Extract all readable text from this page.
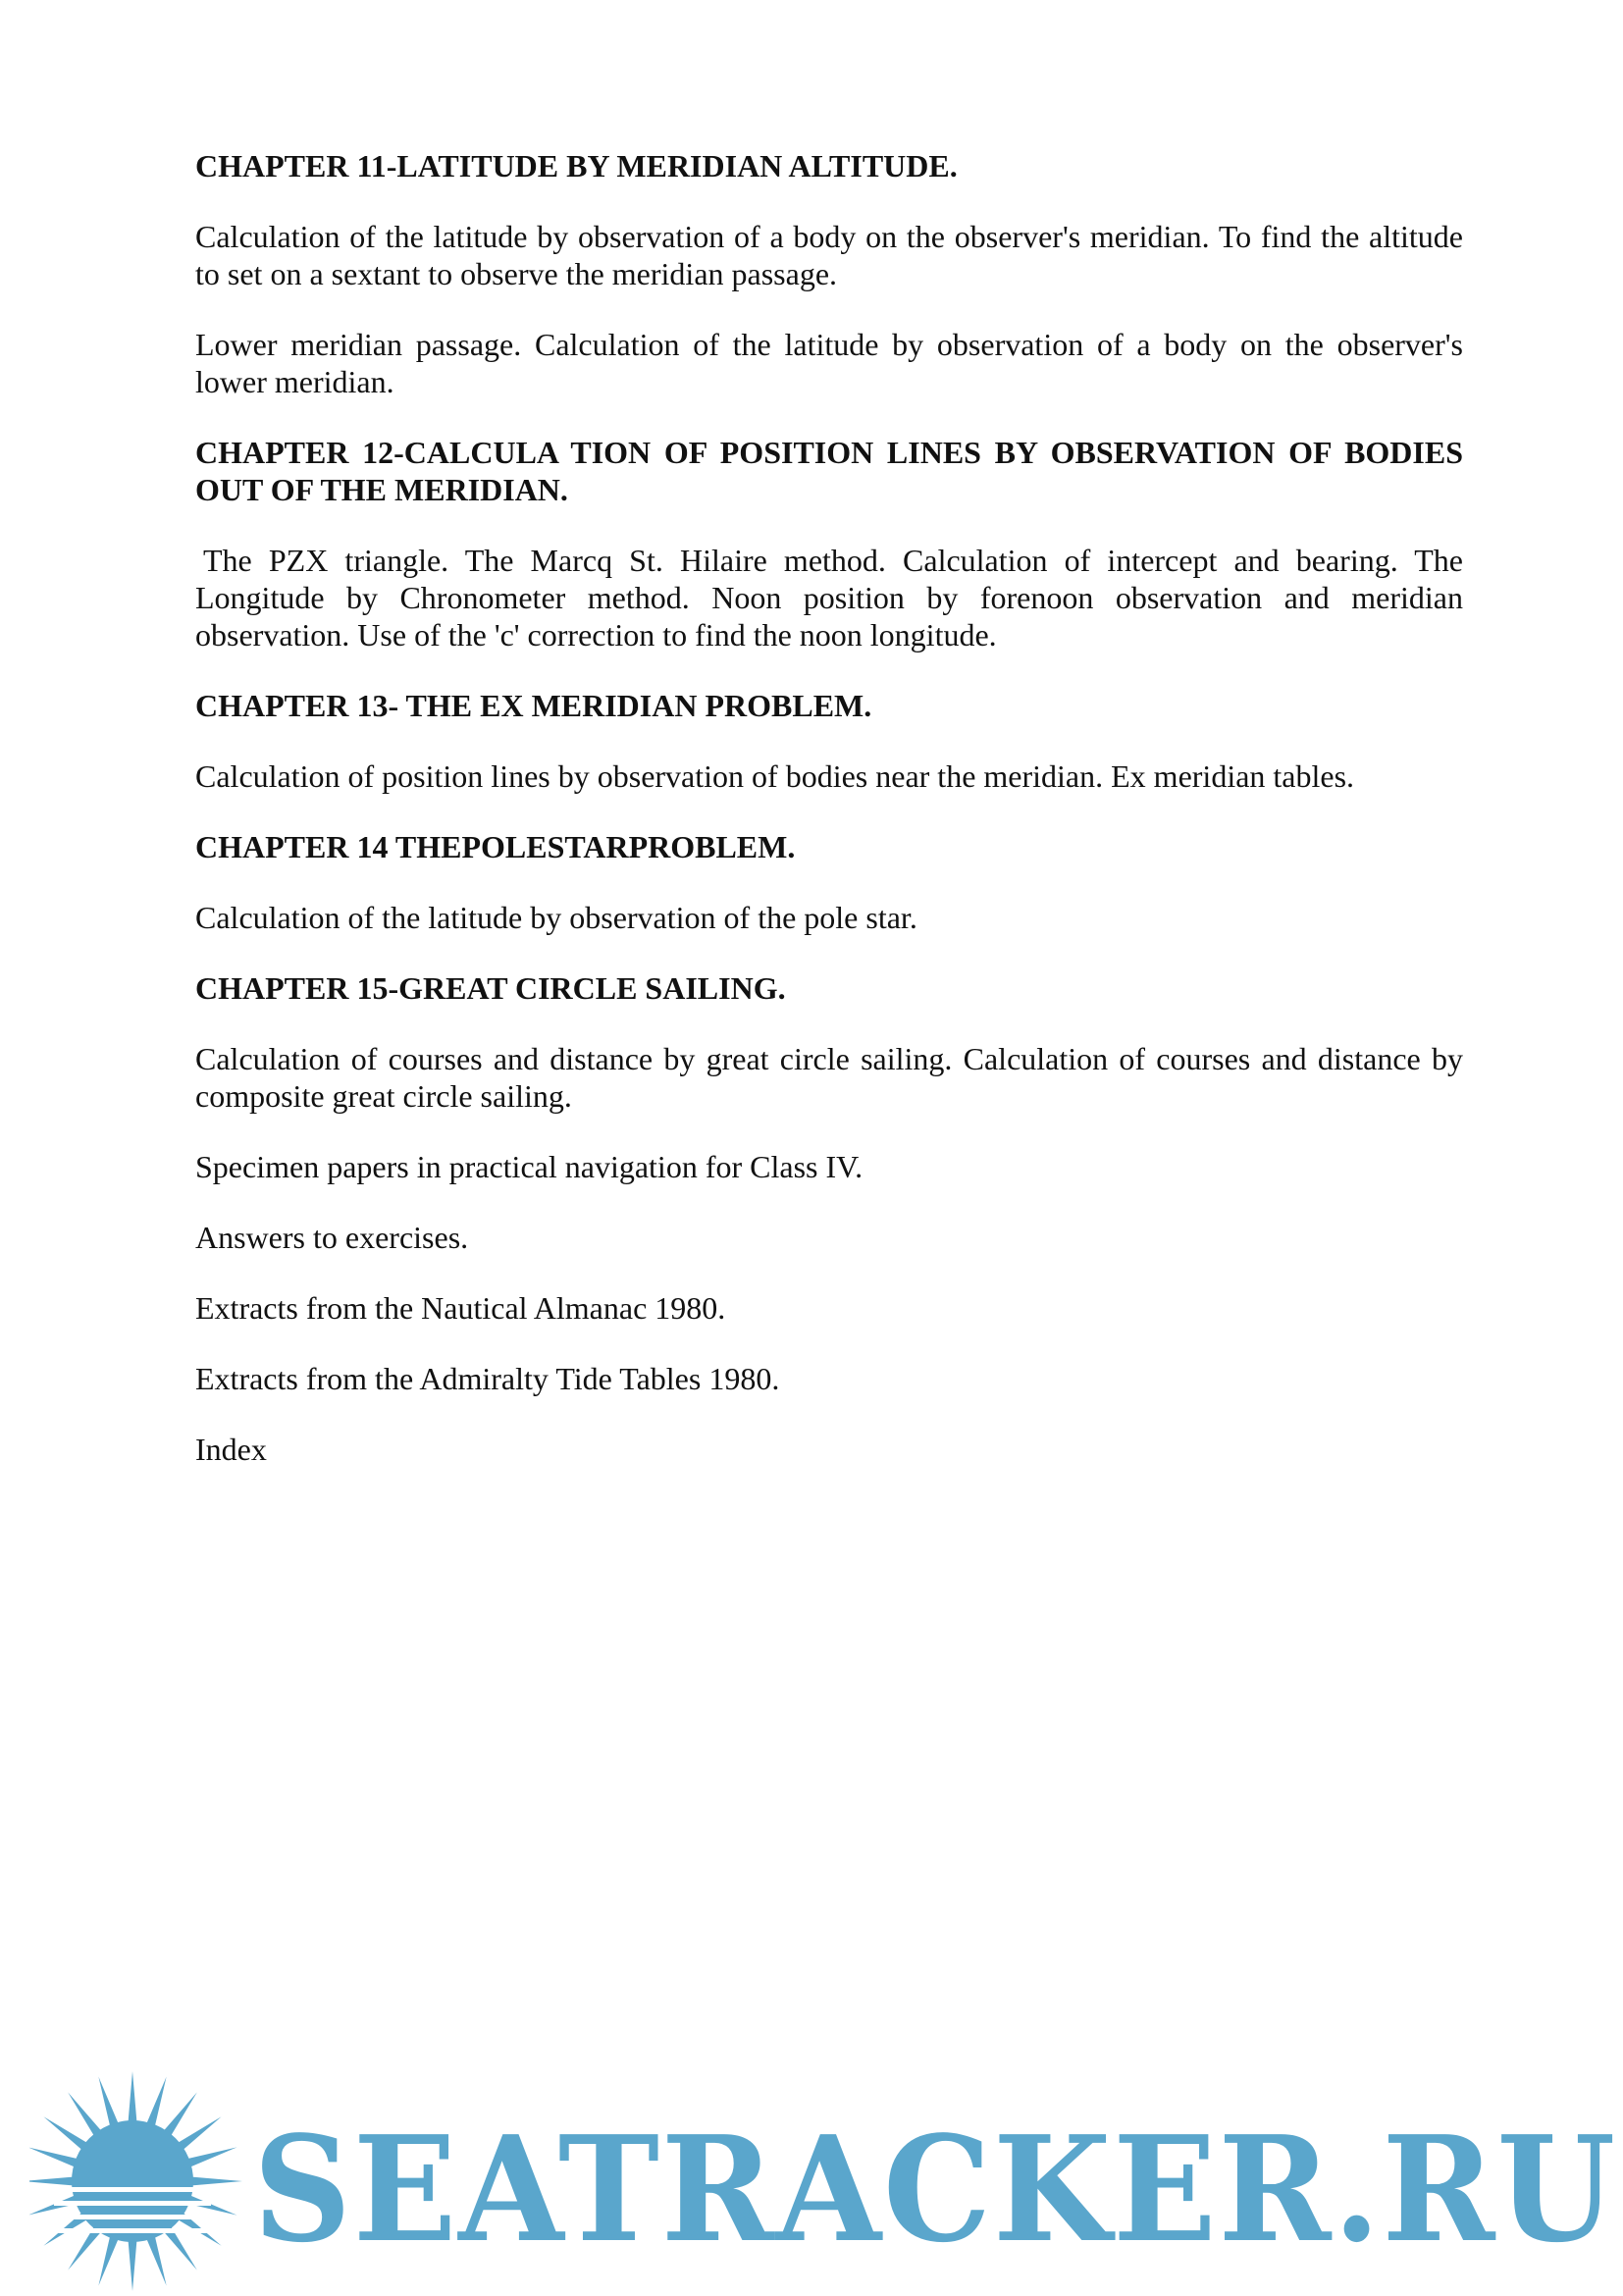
CHAPTER 11-LATITUDE BY MERIDIAN ALTITUDE.
Calculation of the latitude by observation of a body on the observer's meridian. To find the altitude to set on a sextant to observe the meridian passage.
Lower meridian passage. Calculation of the latitude by observation of a body on the observer's lower meridian.
CHAPTER 12-CALCULA TION OF POSITION LINES BY OBSERVATION OF BODIES OUT OF THE MERIDIAN.
The PZX triangle. The Marcq St. Hilaire method. Calculation of intercept and bearing. The Longitude by Chronometer method. Noon position by forenoon observation and meridian observation. Use of the 'c' correction to find the noon longitude.
CHAPTER 13- THE EX MERIDIAN PROBLEM.
Calculation of position lines by observation of bodies near the meridian. Ex meridian tables.
CHAPTER 14 THEPOLESTARPROBLEM.
Calculation of the latitude by observation of the pole star.
CHAPTER 15-GREAT CIRCLE SAILING.
Calculation of courses and distance by great circle sailing. Calculation of courses and distance by composite great circle sailing.
Specimen papers in practical navigation for Class IV.
Answers to exercises.
Extracts from the Nautical Almanac 1980.
Extracts from the Admiralty Tide Tables 1980.
Index
SEATRACKER.RU
